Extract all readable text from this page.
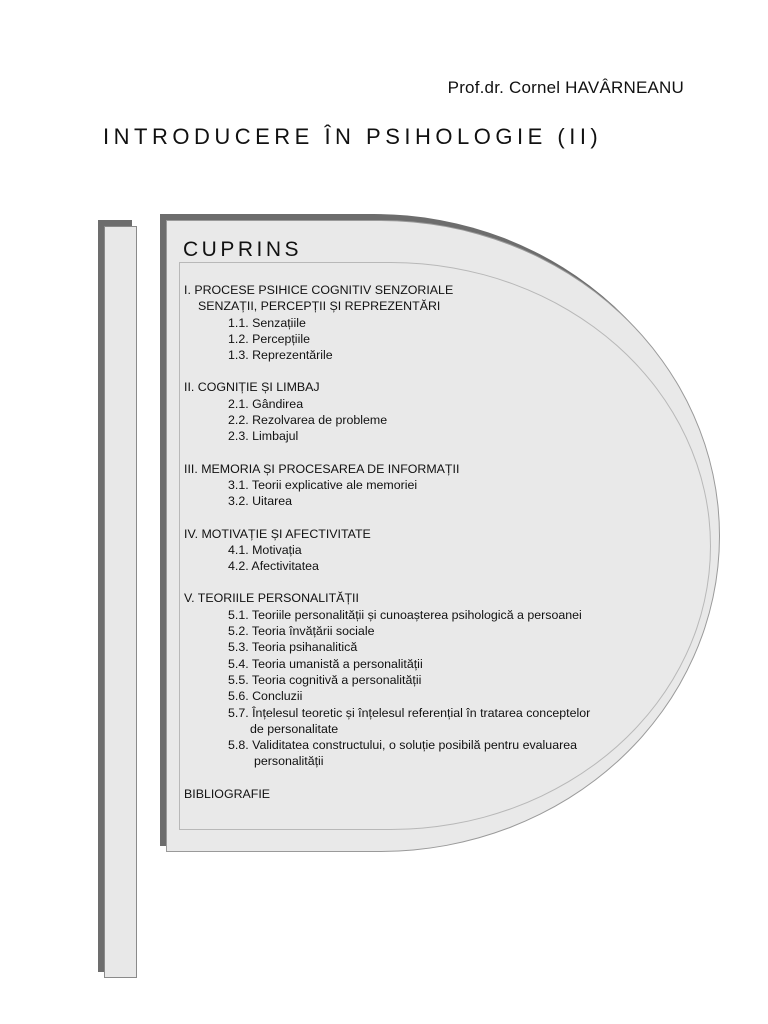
Prof.dr. Cornel HAVÂRNEANU
INTRODUCERE ÎN PSIHOLOGIE (II)
CUPRINS
I. PROCESE PSIHICE COGNITIV SENZORIALE
SENZAȚII, PERCEPȚII ȘI REPREZENTĂRI
1.1. Senzațiile
1.2. Percepțiile
1.3. Reprezentările
II. COGNIȚIE ȘI LIMBAJ
2.1. Gândirea
2.2. Rezolvarea de probleme
2.3. Limbajul
III. MEMORIA ȘI PROCESAREA DE INFORMAȚII
3.1. Teorii explicative ale memoriei
3.2. Uitarea
IV. MOTIVAȚIE ȘI AFECTIVITATE
4.1. Motivația
4.2. Afectivitatea
V. TEORIILE PERSONALITĂȚII
5.1. Teoriile personalității și cunoașterea psihologică a persoanei
5.2. Teoria învățării sociale
5.3. Teoria psihanalitică
5.4. Teoria umanistă a personalității
5.5. Teoria cognitivă a personalității
5.6. Concluzii
5.7. Înțelesul teoretic și înțelesul referențial în tratarea conceptelor
de personalitate
5.8. Validitatea constructului, o soluție posibilă pentru evaluarea
personalității
BIBLIOGRAFIE
